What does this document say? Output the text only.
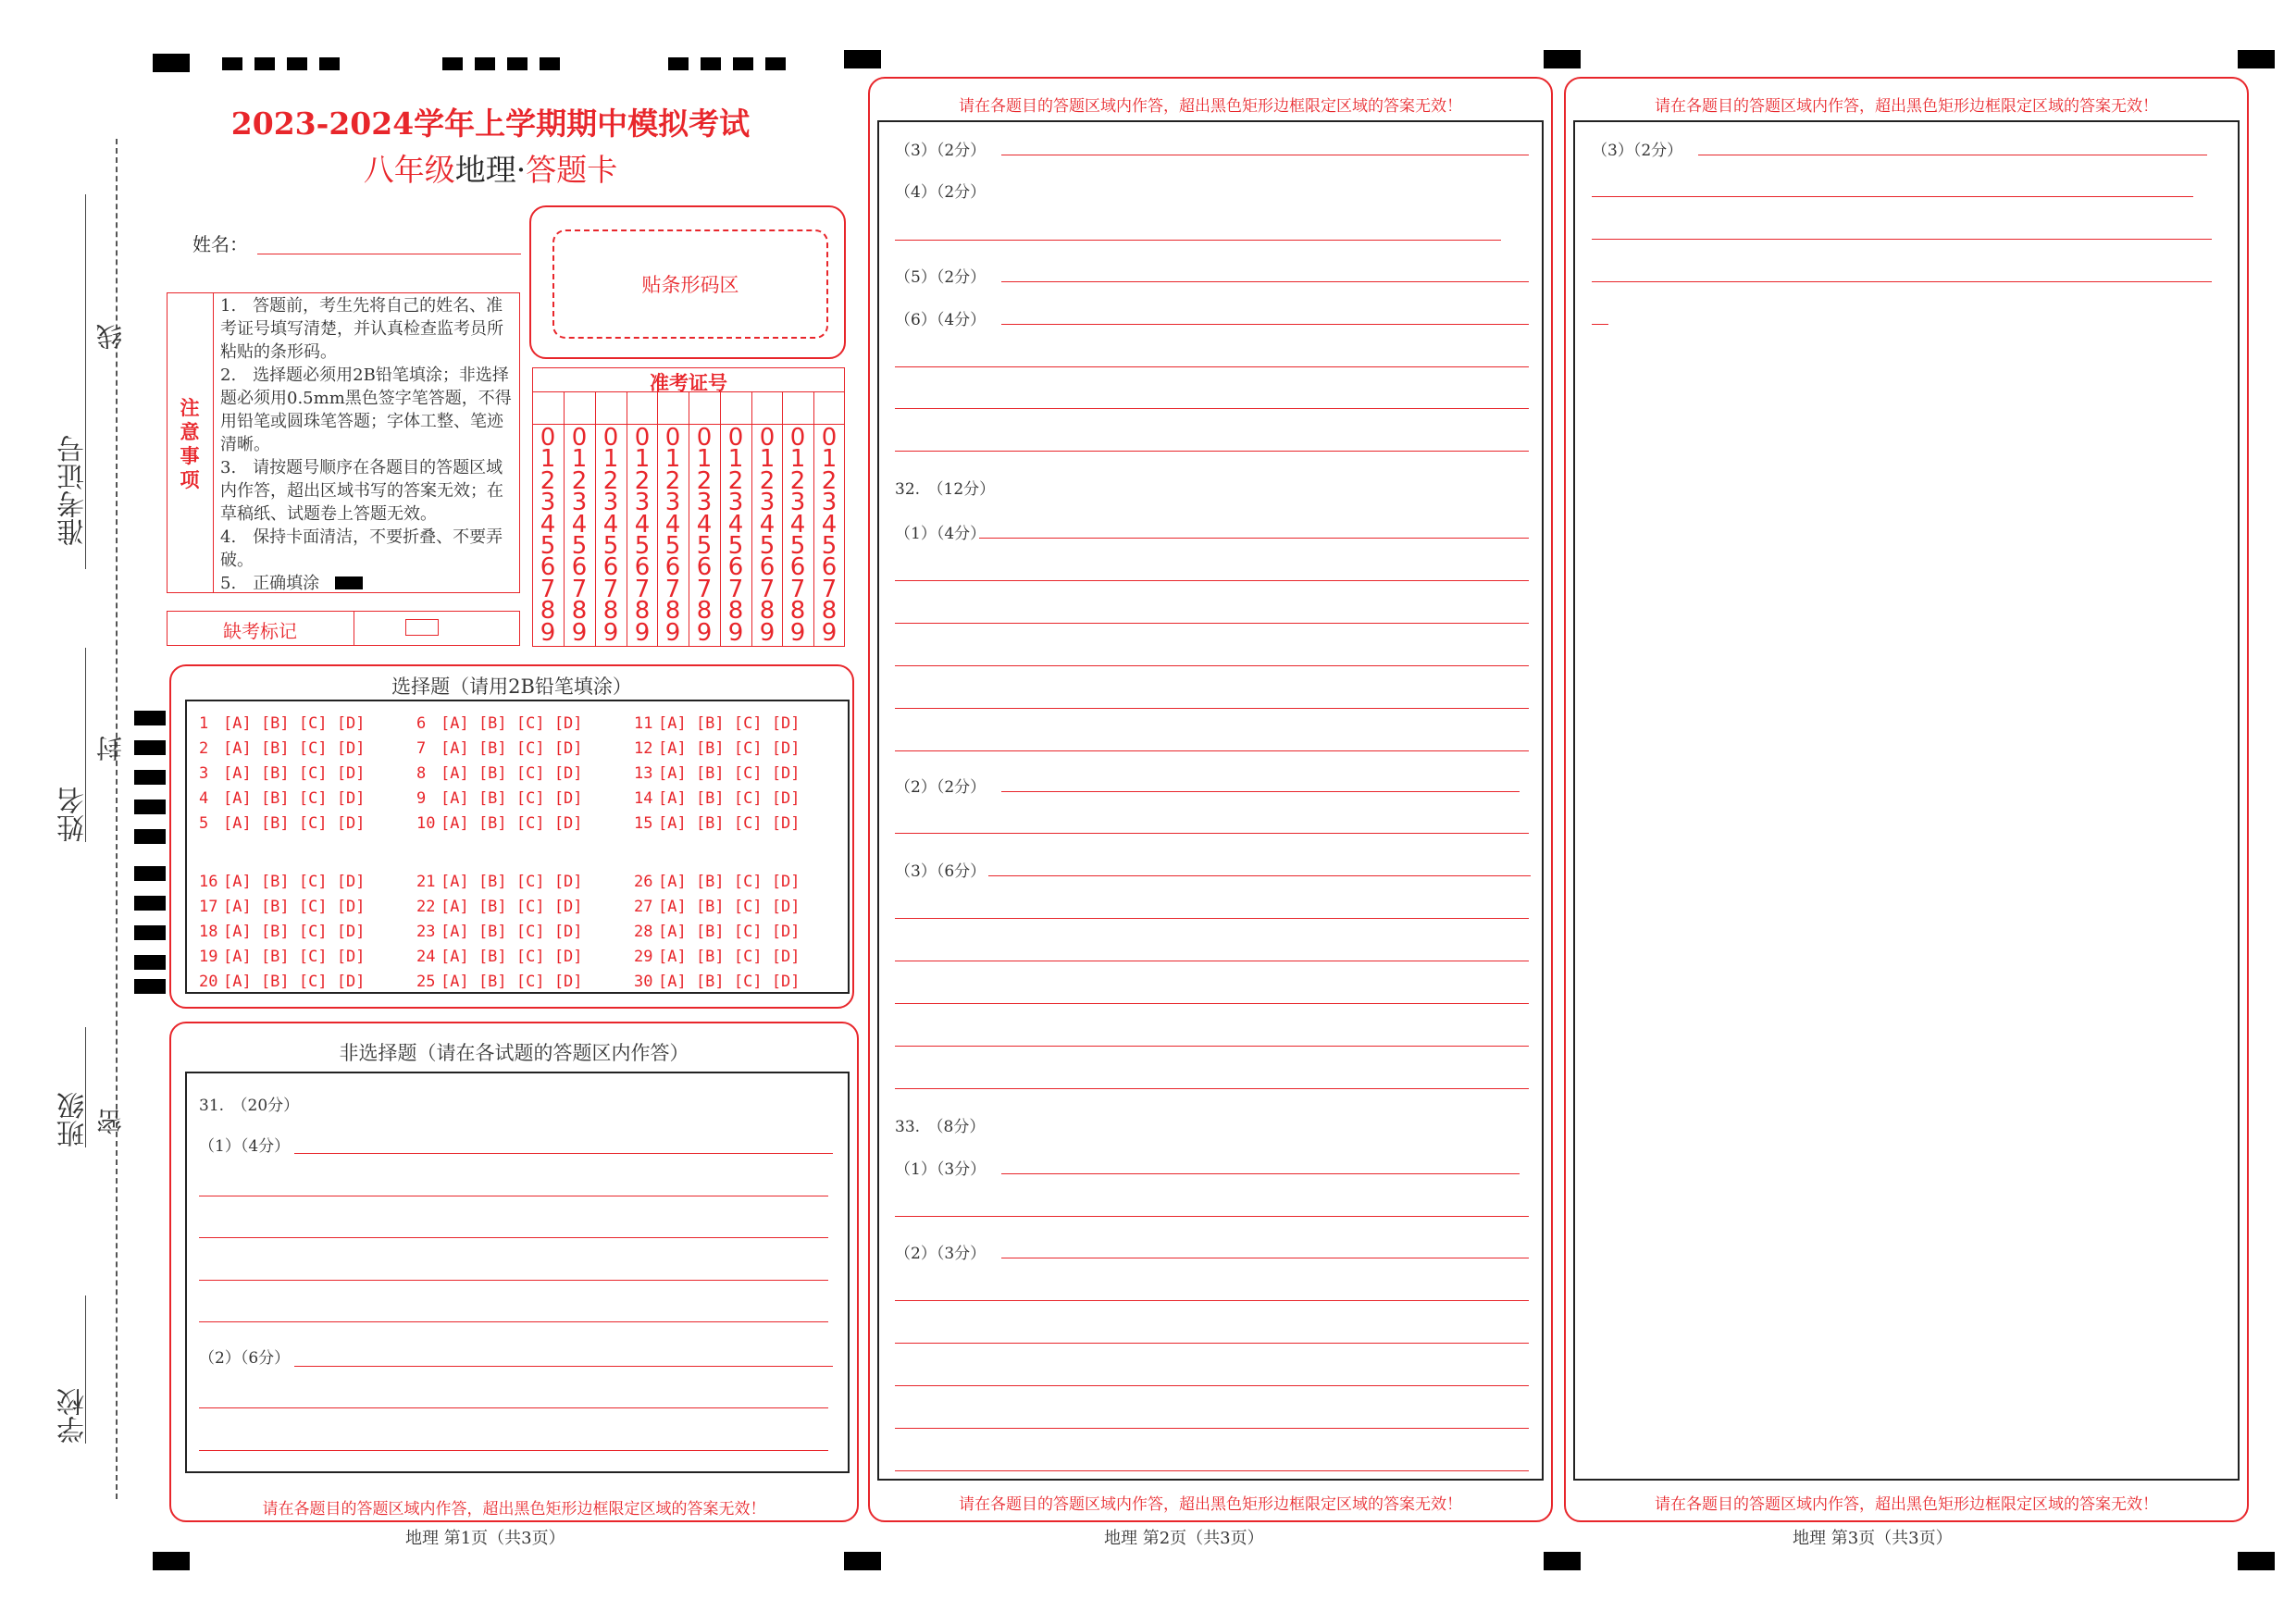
线
封
密
准考证号
姓名
班级
学校
2023-2024学年上学期期中模拟考试
八年级地理·答题卡
姓名：
贴条形码区
准考证号
0
1
2
3
4
5
6
7
8
9
0
1
2
3
4
5
6
7
8
9
0
1
2
3
4
5
6
7
8
9
0
1
2
3
4
5
6
7
8
9
0
1
2
3
4
5
6
7
8
9
0
1
2
3
4
5
6
7
8
9
0
1
2
3
4
5
6
7
8
9
0
1
2
3
4
5
6
7
8
9
0
1
2
3
4
5
6
7
8
9
0
1
2
3
4
5
6
7
8
9
注意事项
1.　答题前，考生先将自己的姓名、准考证号填写清楚，并认真检查监考员所粘贴的条形码。
2.　选择题必须用2B铅笔填涂；非选择题必须用0.5mm黑色签字笔答题，不得用铅笔或圆珠笔答题；字体工整、笔迹清晰。
3.　请按题号顺序在各题目的答题区域内作答，超出区域书写的答案无效；在草稿纸、试题卷上答题无效。
4.　保持卡面清洁，不要折叠、不要弄破。
5.　正确填涂
缺考标记
选择题（请用2B铅笔填涂）
1 [A] [B] [C] [D]
2 [A] [B] [C] [D]
3 [A] [B] [C] [D]
4 [A] [B] [C] [D]
5 [A] [B] [C] [D]
6 [A] [B] [C] [D]
7 [A] [B] [C] [D]
8 [A] [B] [C] [D]
9 [A] [B] [C] [D]
10 [A] [B] [C] [D]
11 [A] [B] [C] [D]
12 [A] [B] [C] [D]
13 [A] [B] [C] [D]
14 [A] [B] [C] [D]
15 [A] [B] [C] [D]
16 [A] [B] [C] [D]
17 [A] [B] [C] [D]
18 [A] [B] [C] [D]
19 [A] [B] [C] [D]
20 [A] [B] [C] [D]
21 [A] [B] [C] [D]
22 [A] [B] [C] [D]
23 [A] [B] [C] [D]
24 [A] [B] [C] [D]
25 [A] [B] [C] [D]
26 [A] [B] [C] [D]
27 [A] [B] [C] [D]
28 [A] [B] [C] [D]
29 [A] [B] [C] [D]
30 [A] [B] [C] [D]
非选择题（请在各试题的答题区内作答）
31.　（20分）
（1）（4分）
（2）（6分）
请在各题目的答题区域内作答，超出黑色矩形边框限定区域的答案无效！
地理 第1页（共3页）
请在各题目的答题区域内作答，超出黑色矩形边框限定区域的答案无效！
（3）（2分）
（4）（2分）
（5）（2分）
（6）（4分）
32.　（12分）
（1）（4分）
（2）（2分）
（3）（6分）
33.　（8分）
（1）（3分）
（2）（3分）
请在各题目的答题区域内作答，超出黑色矩形边框限定区域的答案无效！
地理 第2页（共3页）
请在各题目的答题区域内作答，超出黑色矩形边框限定区域的答案无效！
（3）（2分）
请在各题目的答题区域内作答，超出黑色矩形边框限定区域的答案无效！
地理 第3页（共3页）
